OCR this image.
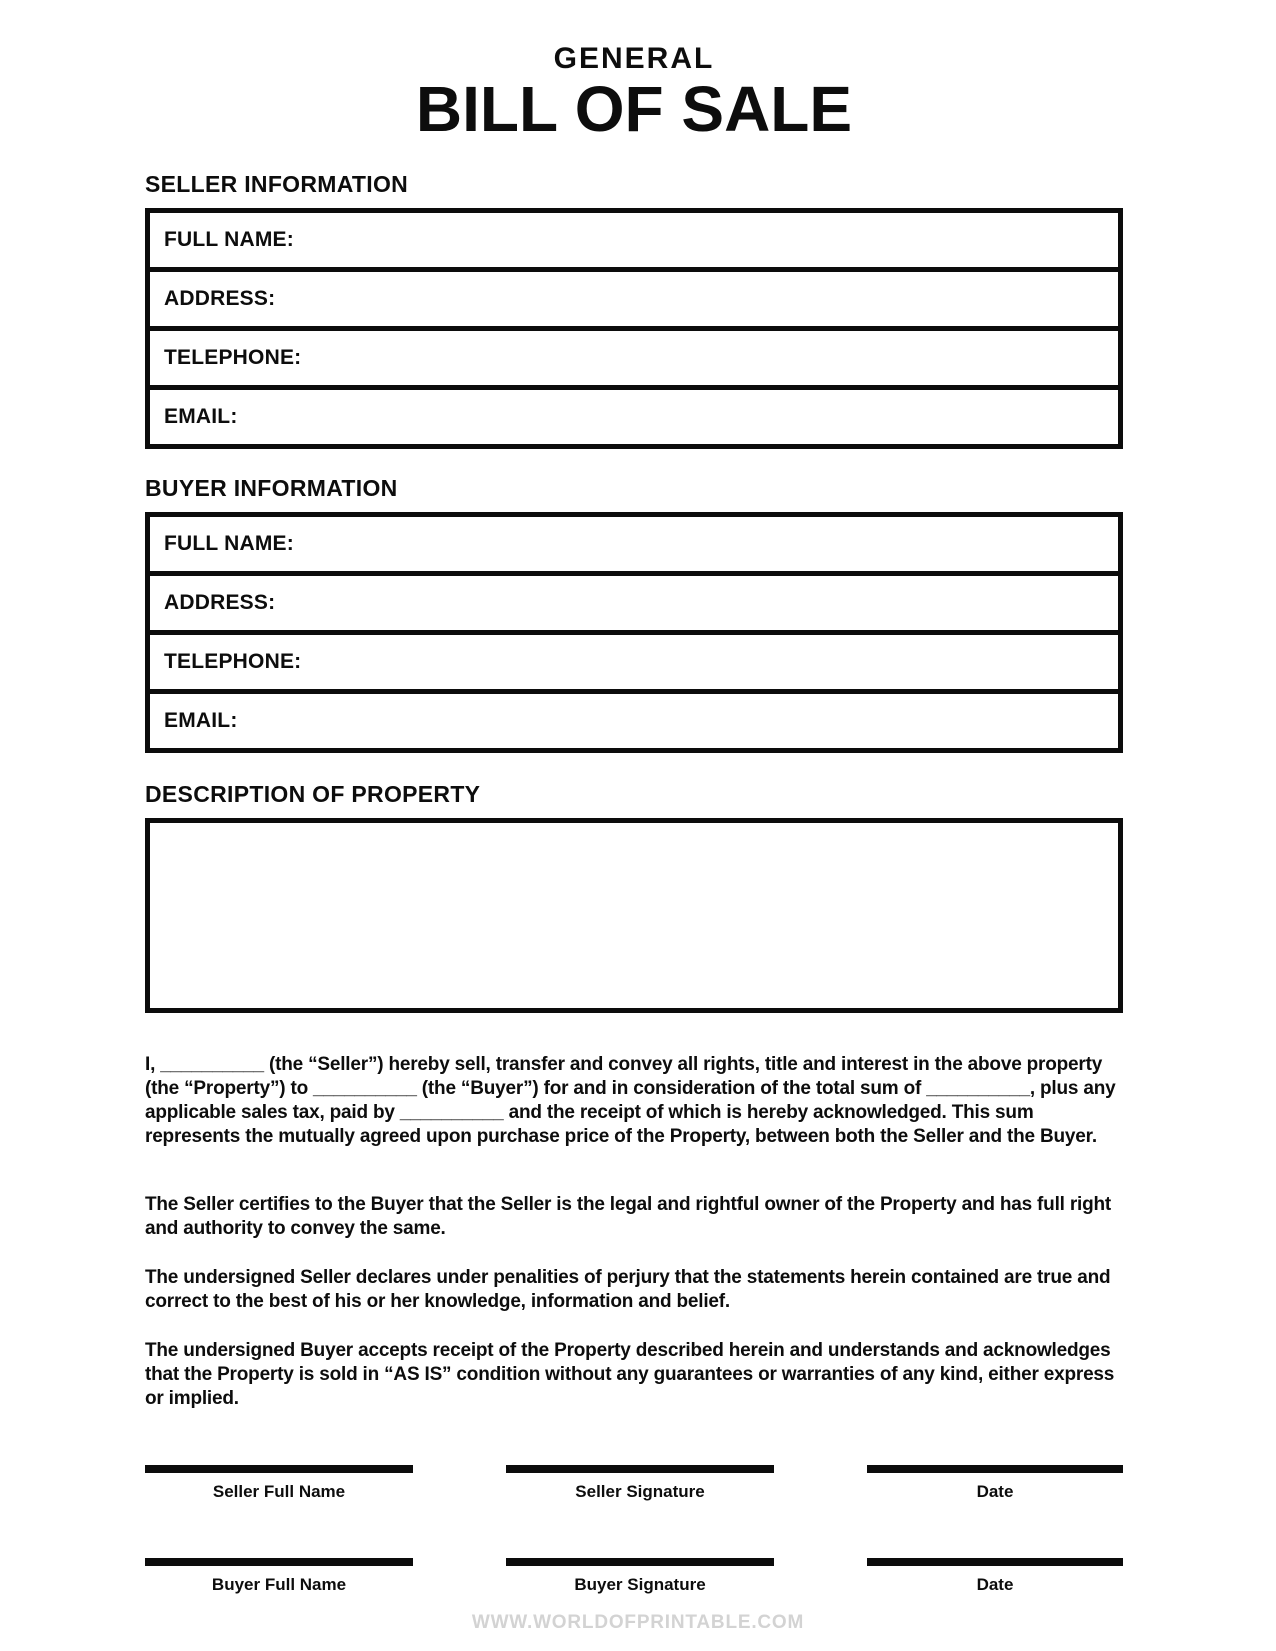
GENERAL
BILL OF SALE
SELLER INFORMATION
FULL NAME:
ADDRESS:
TELEPHONE:
EMAIL:
BUYER INFORMATION
FULL NAME:
ADDRESS:
TELEPHONE:
EMAIL:
DESCRIPTION OF PROPERTY

I, __________ (the “Seller”) hereby sell, transfer and convey all rights, title and interest in the above property (the “Property”) to __________ (the “Buyer”) for and in consideration of the total sum of __________, plus any applicable sales tax, paid by __________ and the receipt of which is hereby acknowledged. This sum represents the mutually agreed upon purchase price of the Property, between both the Seller and the Buyer.

The Seller certifies to the Buyer that the Seller is the legal and rightful owner of the Property and has full right and authority to convey the same.

The undersigned Seller declares under penalities of perjury that the statements herein contained are true and correct to the best of his or her knowledge, information and belief.

The undersigned Buyer accepts receipt of the Property described herein and understands and acknowledges that the Property is sold in “AS IS” condition without any guarantees or warranties of any kind, either express or implied.

Seller Full Name	Seller Signature	Date
Buyer Full Name	Buyer Signature	Date
WWW.WORLDOFPRINTABLE.COM
